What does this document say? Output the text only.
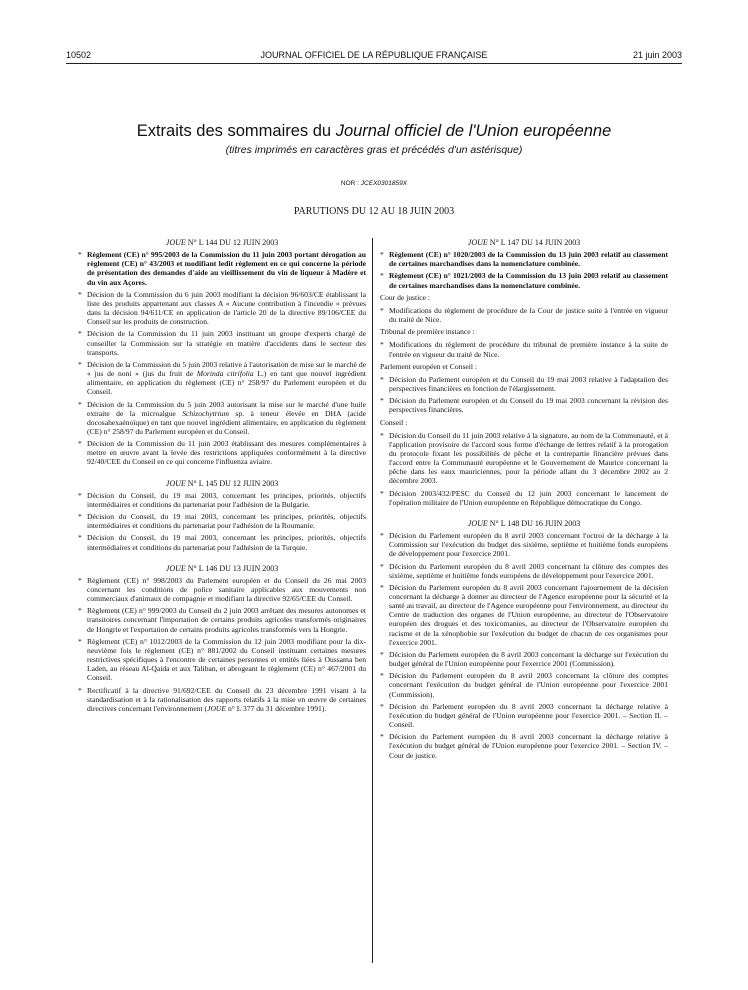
10502	JOURNAL OFFICIEL DE LA RÉPUBLIQUE FRANÇAISE	21 juin 2003
Extraits des sommaires du Journal officiel de l'Union européenne
(titres imprimés en caractères gras et précédés d'un astérisque)
NOR : JCEX0301859X
PARUTIONS DU 12 AU 18 JUIN 2003
JOUE N° L 144 DU 12 JUIN 2003
* Règlement (CE) n° 995/2003 de la Commission du 11 juin 2003 portant dérogation au règlement (CE) n° 43/2003 et modifiant ledit règlement en ce qui concerne la période de présentation des demandes d'aide au vieillissement du vin de liqueur à Madère et du vin aux Açores.
* Décision de la Commission du 6 juin 2003 modifiant la décision 96/603/CE établissant la liste des produits appartenant aux classes A « Aucune contribution à l'incendie » prévues dans la décision 94/611/CE en application de l'article 20 de la directive 89/106/CEE du Conseil sur les produits de construction.
* Décision de la Commission du 11 juin 2003 instituant un groupe d'experts chargé de conseiller la Commission sur la stratégie en matière d'accidents dans le secteur des transports.
* Décision de la Commission du 5 juin 2003 relative à l'autorisation de mise sur le marché de « jus de noni » (jus du fruit de Morinda citrifolia L.) en tant que nouvel ingrédient alimentaire, en application du règlement (CE) n° 258/97 du Parlement européen et du Conseil.
* Décision de la Commission du 5 juin 2003 autorisant la mise sur le marché d'une huile extraite de la microalgue Schizochytrium sp. à teneur élevée en DHA (acide docosahexaénoïque) en tant que nouvel ingrédient alimentaire, en application du règlement (CE) n° 258/97 du Parlement européen et du Conseil.
* Décision de la Commission du 11 juin 2003 établissant des mesures complémentaires à mettre en œuvre avant la levée des restrictions appliquées conformément à la directive 92/40/CEE du Conseil en ce qui concerne l'influenza aviaire.
JOUE N° L 145 DU 12 JUIN 2003
* Décision du Conseil, du 19 mai 2003, concernant les principes, priorités, objectifs intermédiaires et conditions du partenariat pour l'adhésion de la Bulgarie.
* Décision du Conseil, du 19 mai 2003, concernant les principes, priorités, objectifs intermédiaires et conditions du partenariat pour l'adhésion de la Roumanie.
* Décision du Conseil, du 19 mai 2003, concernant les principes, priorités, objectifs intermédiaires et conditions du partenariat pour l'adhésion de la Turquie.
JOUE N° L 146 DU 13 JUIN 2003
* Règlement (CE) n° 998/2003 du Parlement européen et du Conseil du 26 mai 2003 concernant les conditions de police sanitaire applicables aux mouvements non commerciaux d'animaux de compagnie et modifiant la directive 92/65/CEE du Conseil.
* Règlement (CE) n° 999/2003 du Conseil du 2 juin 2003 arrêtant des mesures autonomes et transitoires concernant l'importation de certains produits agricoles transformés originaires de Hongrie et l'exportation de certains produits agricoles transformés vers la Hongrie.
* Règlement (CE) n° 1012/2003 de la Commission du 12 juin 2003 modifiant pour la dix-neuvième fois le règlement (CE) n° 881/2002 du Conseil instituant certaines mesures restrictives spécifiques à l'encontre de certaines personnes et entités liées à Oussama ben Laden, au réseau Al-Qaida et aux Taliban, et abrogeant le règlement (CE) n° 467/2001 du Conseil.
* Rectificatif à la directive 91/692/CEE du Conseil du 23 décembre 1991 visant à la standardisation et à la rationalisation des rapports relatifs à la mise en œuvre de certaines directives concernant l'environnement (JOUE n° L 377 du 31 décembre 1991).
JOUE N° L 147 DU 14 JUIN 2003
* Règlement (CE) n° 1020/2003 de la Commission du 13 juin 2003 relatif au classement de certaines marchandises dans la nomenclature combinée.
* Règlement (CE) n° 1021/2003 de la Commission du 13 juin 2003 relatif au classement de certaines marchandises dans la nomenclature combinée.
Cour de justice :
* Modifications du règlement de procédure de la Cour de justice suite à l'entrée en vigueur du traité de Nice.
Tribunal de première instance :
* Modifications du règlement de procédure du tribunal de première instance à la suite de l'entrée en vigueur du traité de Nice.
Parlement européen et Conseil :
* Décision du Parlement européen et du Conseil du 19 mai 2003 relative à l'adaptation des perspectives financières en fonction de l'élargissement.
* Décision du Parlement européen et du Conseil du 19 mai 2003 concernant la révision des perspectives financières.
Conseil :
* Décision du Conseil du 11 juin 2003 relative à la signature, au nom de la Communauté, et à l'application provisoire de l'accord sous forme d'échange de lettres relatif à la prorogation du protocole fixant les possibilités de pêche et la contrepartie financière prévues dans l'accord entre la Communauté européenne et le Gouvernement de Maurice concernant la pêche dans les eaux mauriciennes, pour la période allant du 3 décembre 2002 au 2 décembre 2003.
* Décision 2003/432/PESC du Conseil du 12 juin 2003 concernant le lancement de l'opération militaire de l'Union européenne en République démocratique du Congo.
JOUE N° L 148 DU 16 JUIN 2003
* Décision du Parlement européen du 8 avril 2003 concernant l'octroi de la décharge à la Commission sur l'exécution du budget des sixième, septième et huitième fonds européens de développement pour l'exercice 2001.
* Décision du Parlement européen du 8 avril 2003 concernant la clôture des comptes des sixième, septième et huitième fonds européens de développement pour l'exercice 2001.
* Décision du Parlement européen du 8 avril 2003 concernant l'ajournement de la décision concernant la décharge à donner au directeur de l'Agence européenne pour la sécurité et la santé au travail, au directeur de l'Agence européenne pour l'environnement, au directeur du Centre de traduction des organes de l'Union européenne, au directeur de l'Observatoire européen des drogues et des toxicomanies, au directeur de l'Observatoire européen du racisme et de la xénophobie sur l'exécution du budget de chacun de ces organismes pour l'exercice 2001.
* Décision du Parlement européen du 8 avril 2003 concernant la décharge sur l'exécution du budget général de l'Union européenne pour l'exercice 2001 (Commission).
* Décision du Parlement européen du 8 avril 2003 concernant la clôture des comptes concernant l'exécution du budget général de l'Union européenne pour l'exercice 2001 (Commission).
* Décision du Parlement européen du 8 avril 2003 concernant la décharge relative à l'exécution du budget général de l'Union européenne pour l'exercice 2001. – Section II. – Conseil.
* Décision du Parlement européen du 8 avril 2003 concernant la décharge relative à l'exécution du budget général de l'Union européenne pour l'exercice 2001. – Section IV. – Cour de justice.
